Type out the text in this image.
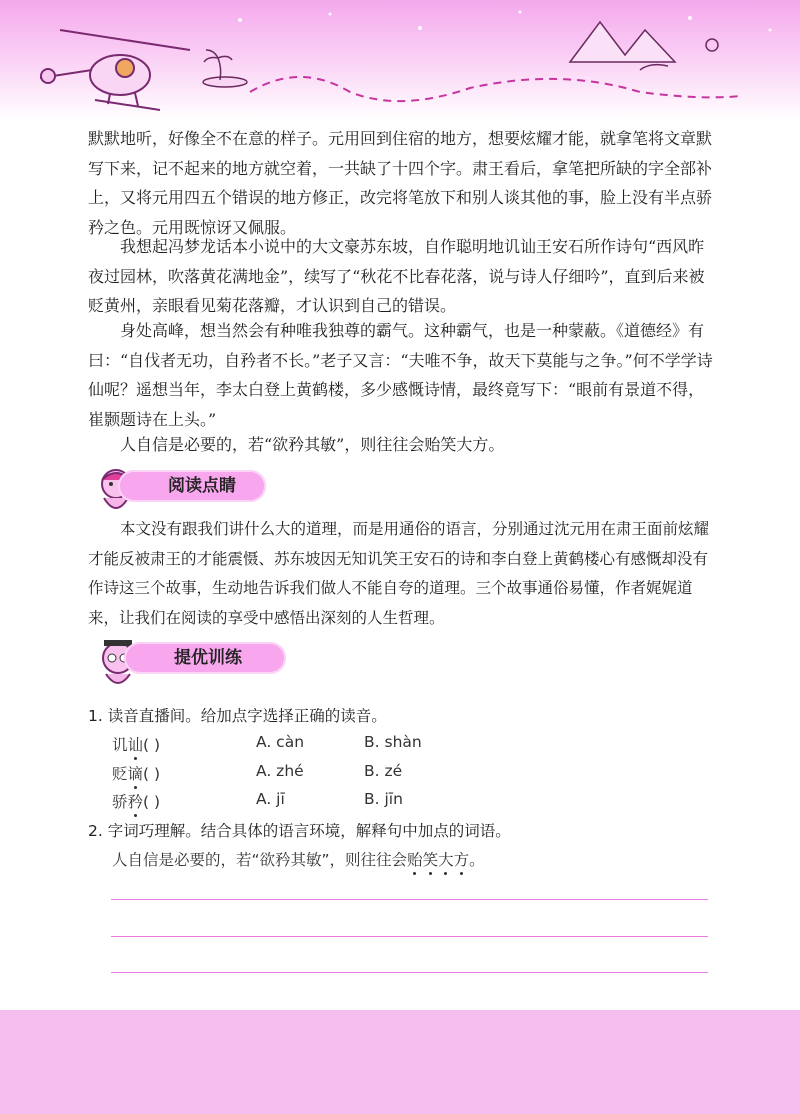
默默地听，好像全不在意的样子。元用回到住宿的地方，想要炫耀才能，就拿笔将文章默写下来，记不起来的地方就空着，一共缺了十四个字。肃王看后，拿笔把所缺的字全部补上，又将元用四五个错误的地方修正，改完将笔放下和别人谈其他的事，脸上没有半点骄矜之色。元用既惊讶又佩服。

我想起冯梦龙话本小说中的大文豪苏东坡，自作聪明地讥讪王安石所作诗句“西风昨夜过园林，吹落黄花满地金”，续写了“秋花不比春花落，说与诗人仔细吟”，直到后来被贬黄州，亲眼看见菊花落瓣，才认识到自己的错误。

身处高峰，想当然会有种唯我独尊的霸气。这种霸气，也是一种蒙蔽。《道德经》有曰：“自伐者无功，自矜者不长。”老子又言：“夫唯不争，故天下莫能与之争。”何不学学诗仙呢？遥想当年，李太白登上黄鹤楼，多少感慨诗情，最终竟写下：“眼前有景道不得，崔颢题诗在上头。”

人自信是必要的，若“欲矜其敏”，则往往会贻笑大方。

阅读点睛

本文没有跟我们讲什么大的道理，而是用通俗的语言，分别通过沈元用在肃王面前炫耀才能反被肃王的才能震慑、苏东坡因无知讥笑王安石的诗和李白登上黄鹤楼心有感慨却没有作诗这三个故事，生动地告诉我们做人不能自夸的道理。三个故事通俗易懂，作者娓娓道来，让我们在阅读的享受中感悟出深刻的人生哲理。

提优训练
1. 读音直播间。给加点字选择正确的读音。
讥讪( )	A. càn	B. shàn
贬谪( )	A. zhé	B. zé
骄矜( )	A. jī	B. jīn
2. 字词巧理解。结合具体的语言环境，解释句中加点的词语。
人自信是必要的，若“欲矜其敏”，则往往会贻笑大方。
